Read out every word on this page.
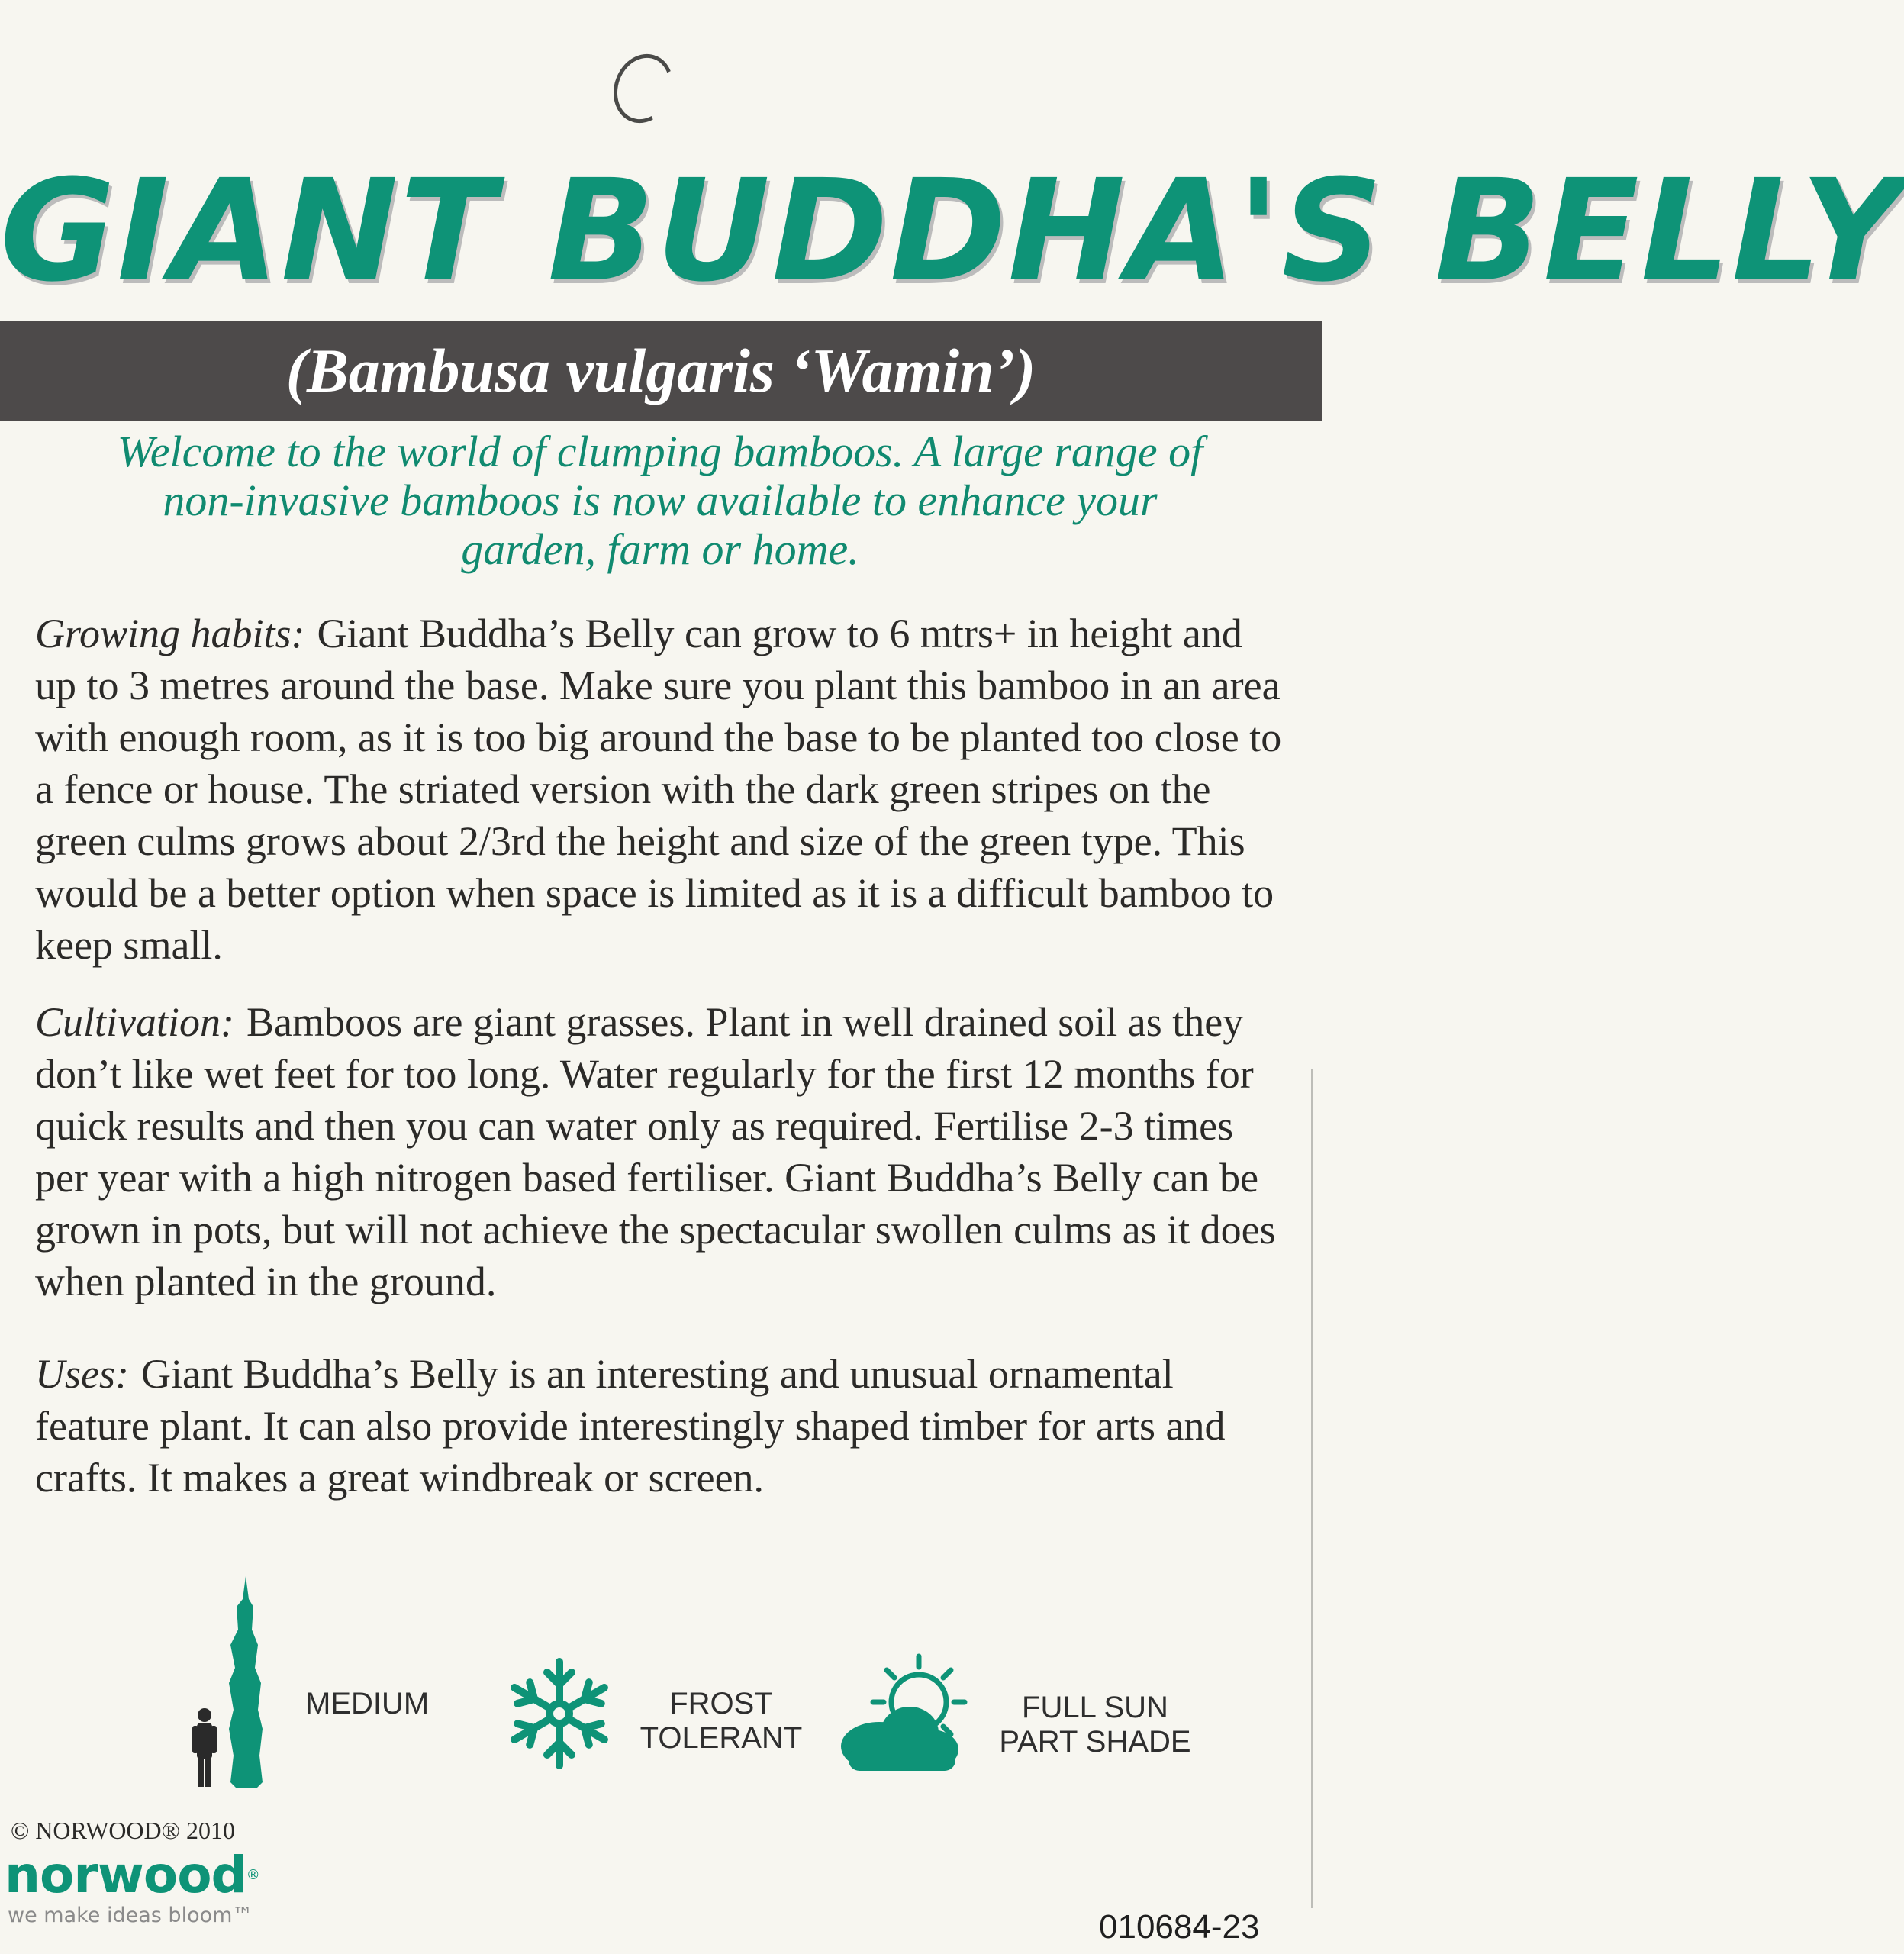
GIANT BUDDHA'S BELLY
(Bambusa vulgaris ‘Wamin’)
Welcome to the world of clumping bamboos. A large range of non-invasive bamboos is now available to enhance your garden, farm or home.
Growing habits: Giant Buddha’s Belly can grow to 6 mtrs+ in height and up to 3 metres around the base. Make sure you plant this bamboo in an area with enough room, as it is too big around the base to be planted too close to a fence or house. The striated version with the dark green stripes on the green culms grows about 2/3rd the height and size of the green type. This would be a better option when space is limited as it is a difficult bamboo to keep small.
Cultivation: Bamboos are giant grasses. Plant in well drained soil as they don’t like wet feet for too long. Water regularly for the first 12 months for quick results and then you can water only as required. Fertilise 2-3 times per year with a high nitrogen based fertiliser. Giant Buddha’s Belly can be grown in pots, but will not achieve the spectacular swollen culms as it does when planted in the ground.
Uses: Giant Buddha’s Belly is an interesting and unusual ornamental feature plant. It can also provide interestingly shaped timber for arts and crafts. It makes a great windbreak or screen.
MEDIUM	FROST
TOLERANT
FULL SUN
PART SHADE
© NORWOOD® 2010
norwood®
we make ideas bloom™	010684-23
